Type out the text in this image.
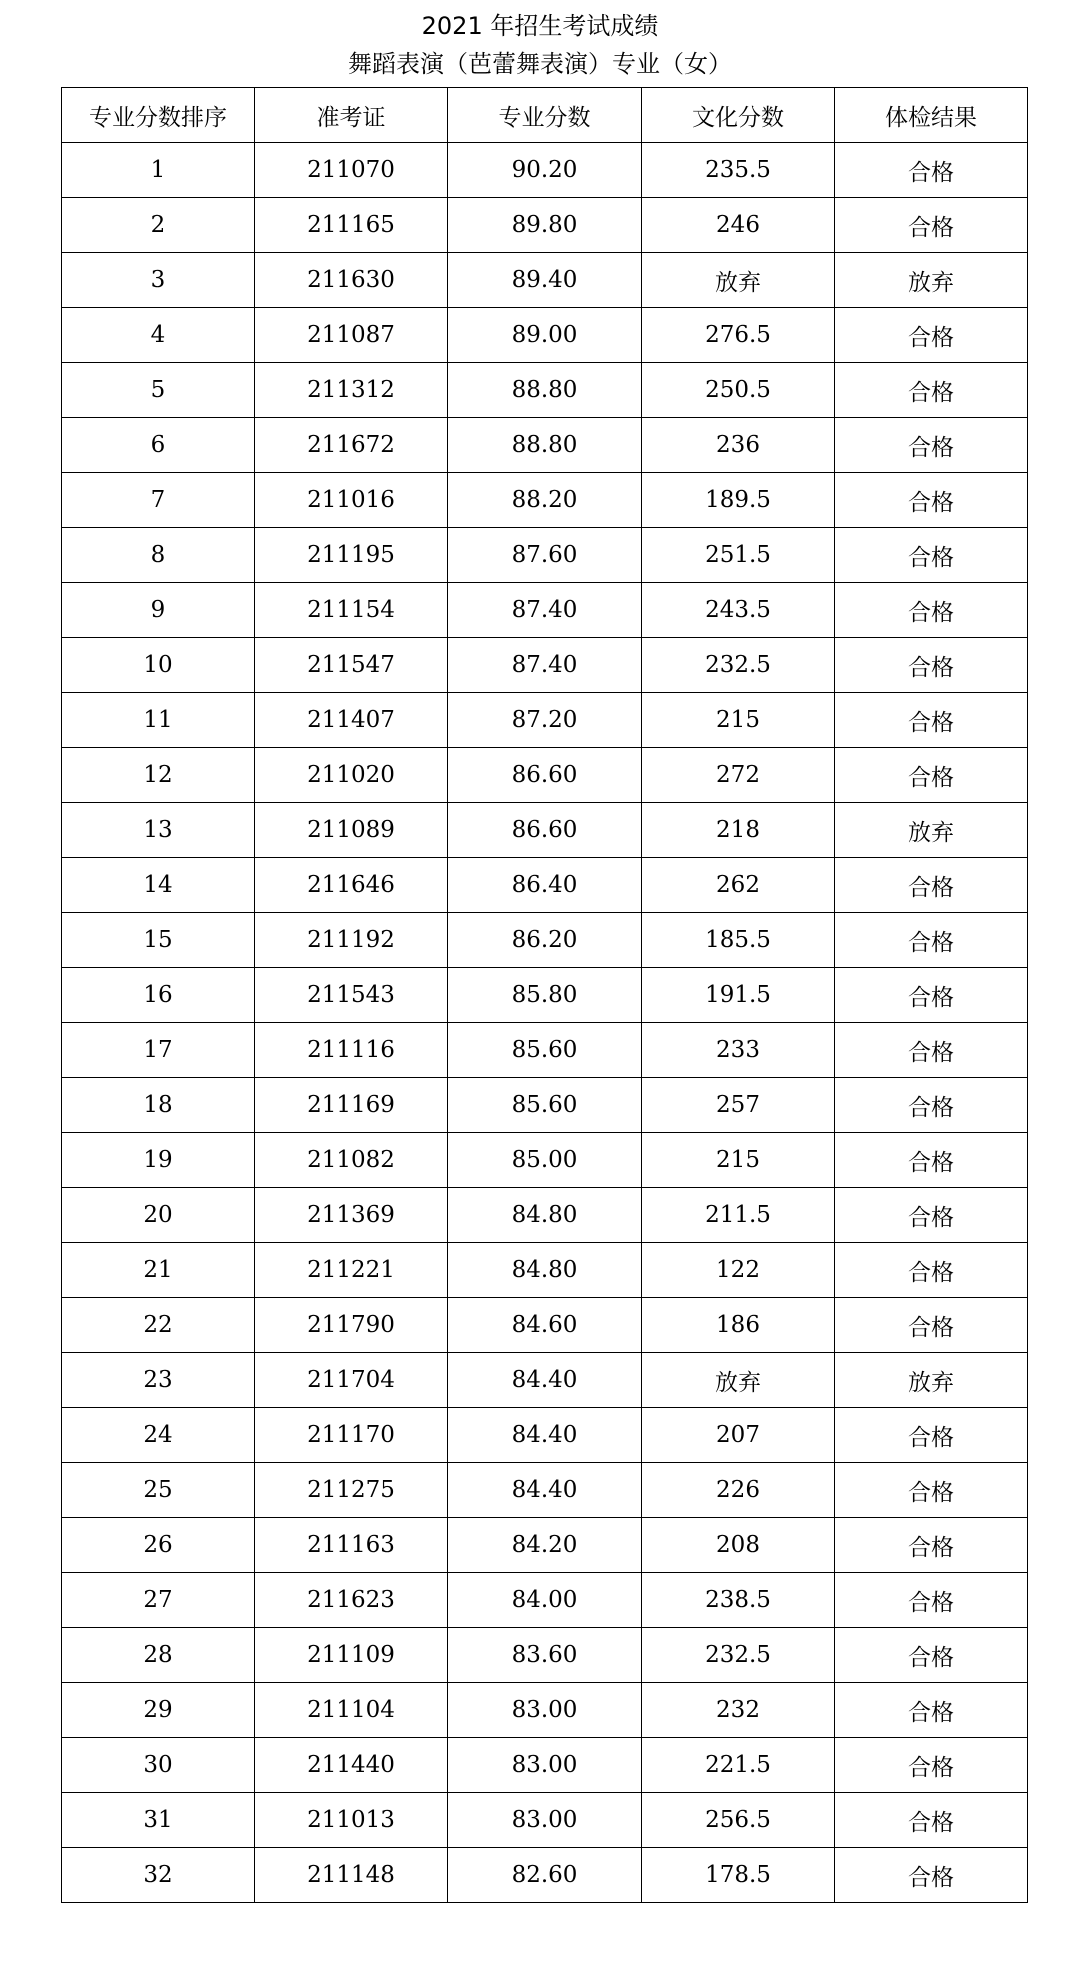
2021 年招生考试成绩
舞蹈表演（芭蕾舞表演）专业（女）
专业分数排序	准考证	专业分数	文化分数	体检结果
1	211070	90.20	235.5	合格
2	211165	89.80	246	合格
3	211630	89.40	放弃	放弃
4	211087	89.00	276.5	合格
5	211312	88.80	250.5	合格
6	211672	88.80	236	合格
7	211016	88.20	189.5	合格
8	211195	87.60	251.5	合格
9	211154	87.40	243.5	合格
10	211547	87.40	232.5	合格
11	211407	87.20	215	合格
12	211020	86.60	272	合格
13	211089	86.60	218	放弃
14	211646	86.40	262	合格
15	211192	86.20	185.5	合格
16	211543	85.80	191.5	合格
17	211116	85.60	233	合格
18	211169	85.60	257	合格
19	211082	85.00	215	合格
20	211369	84.80	211.5	合格
21	211221	84.80	122	合格
22	211790	84.60	186	合格
23	211704	84.40	放弃	放弃
24	211170	84.40	207	合格
25	211275	84.40	226	合格
26	211163	84.20	208	合格
27	211623	84.00	238.5	合格
28	211109	83.60	232.5	合格
29	211104	83.00	232	合格
30	211440	83.00	221.5	合格
31	211013	83.00	256.5	合格
32	211148	82.60	178.5	合格
